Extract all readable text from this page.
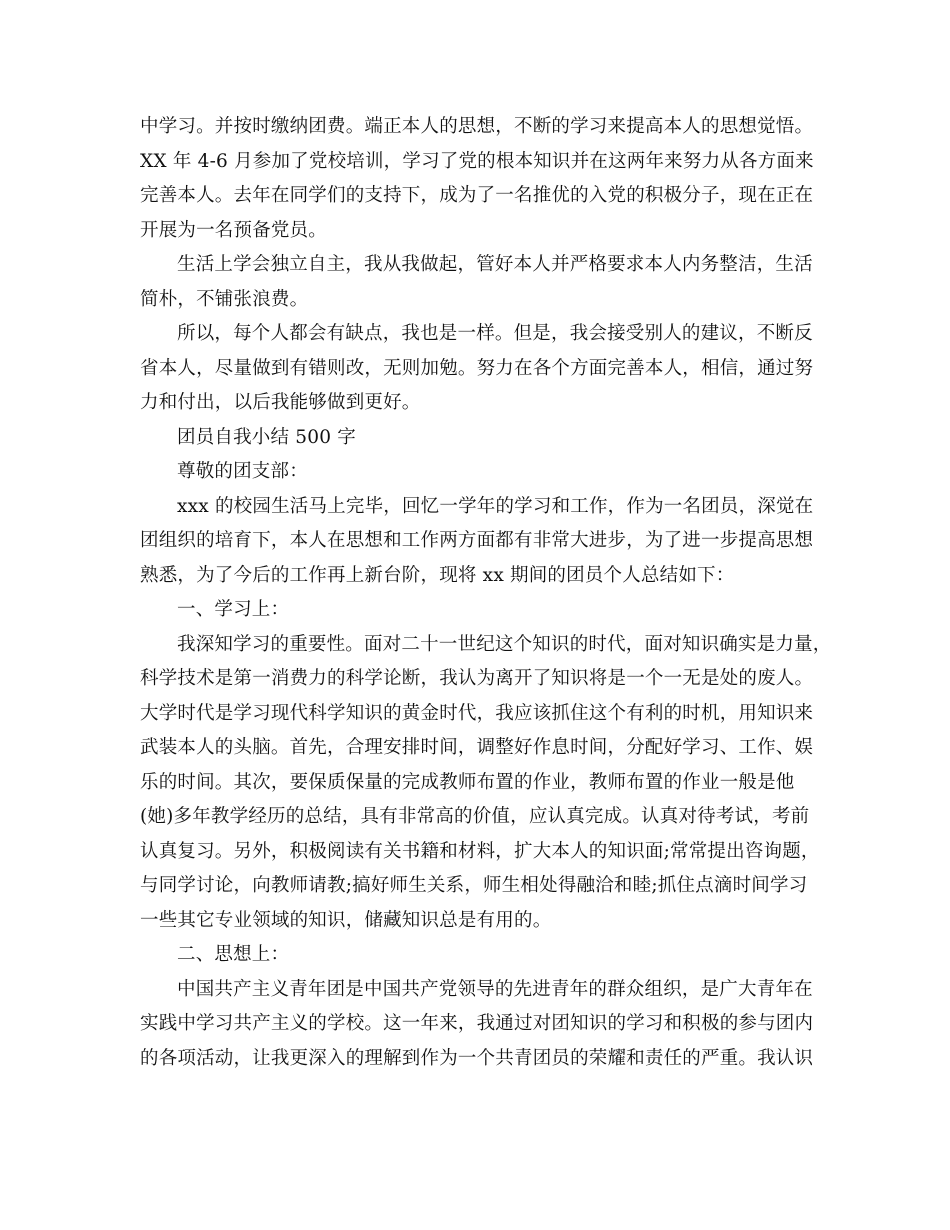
中学习。并按时缴纳团费。端正本人的思想，不断的学习来提高本人的思想觉悟。
XX 年 4-6 月参加了党校培训，学习了党的根本知识并在这两年来努力从各方面来
完善本人。去年在同学们的支持下，成为了一名推优的入党的积极分子，现在正在
开展为一名预备党员。
生活上学会独立自主，我从我做起，管好本人并严格要求本人内务整洁，生活
简朴，不铺张浪费。
所以，每个人都会有缺点，我也是一样。但是，我会接受别人的建议，不断反
省本人，尽量做到有错则改，无则加勉。努力在各个方面完善本人，相信，通过努
力和付出，以后我能够做到更好。
团员自我小结 500 字
尊敬的团支部：
xxx 的校园生活马上完毕，回忆一学年的学习和工作，作为一名团员，深觉在
团组织的培育下，本人在思想和工作两方面都有非常大进步，为了进一步提高思想
熟悉，为了今后的工作再上新台阶，现将 xx 期间的团员个人总结如下：
一、学习上：
我深知学习的重要性。面对二十一世纪这个知识的时代，面对知识确实是力量，
科学技术是第一消费力的科学论断，我认为离开了知识将是一个一无是处的废人。
大学时代是学习现代科学知识的黄金时代，我应该抓住这个有利的时机，用知识来
武装本人的头脑。首先，合理安排时间，调整好作息时间，分配好学习、工作、娱
乐的时间。其次，要保质保量的完成教师布置的作业，教师布置的作业一般是他
(她)多年教学经历的总结，具有非常高的价值，应认真完成。认真对待考试，考前
认真复习。另外，积极阅读有关书籍和材料，扩大本人的知识面;常常提出咨询题，
与同学讨论，向教师请教;搞好师生关系，师生相处得融洽和睦;抓住点滴时间学习
一些其它专业领域的知识，储藏知识总是有用的。
二、思想上：
中国共产主义青年团是中国共产党领导的先进青年的群众组织，是广大青年在
实践中学习共产主义的学校。这一年来，我通过对团知识的学习和积极的参与团内
的各项活动，让我更深入的理解到作为一个共青团员的荣耀和责任的严重。我认识
